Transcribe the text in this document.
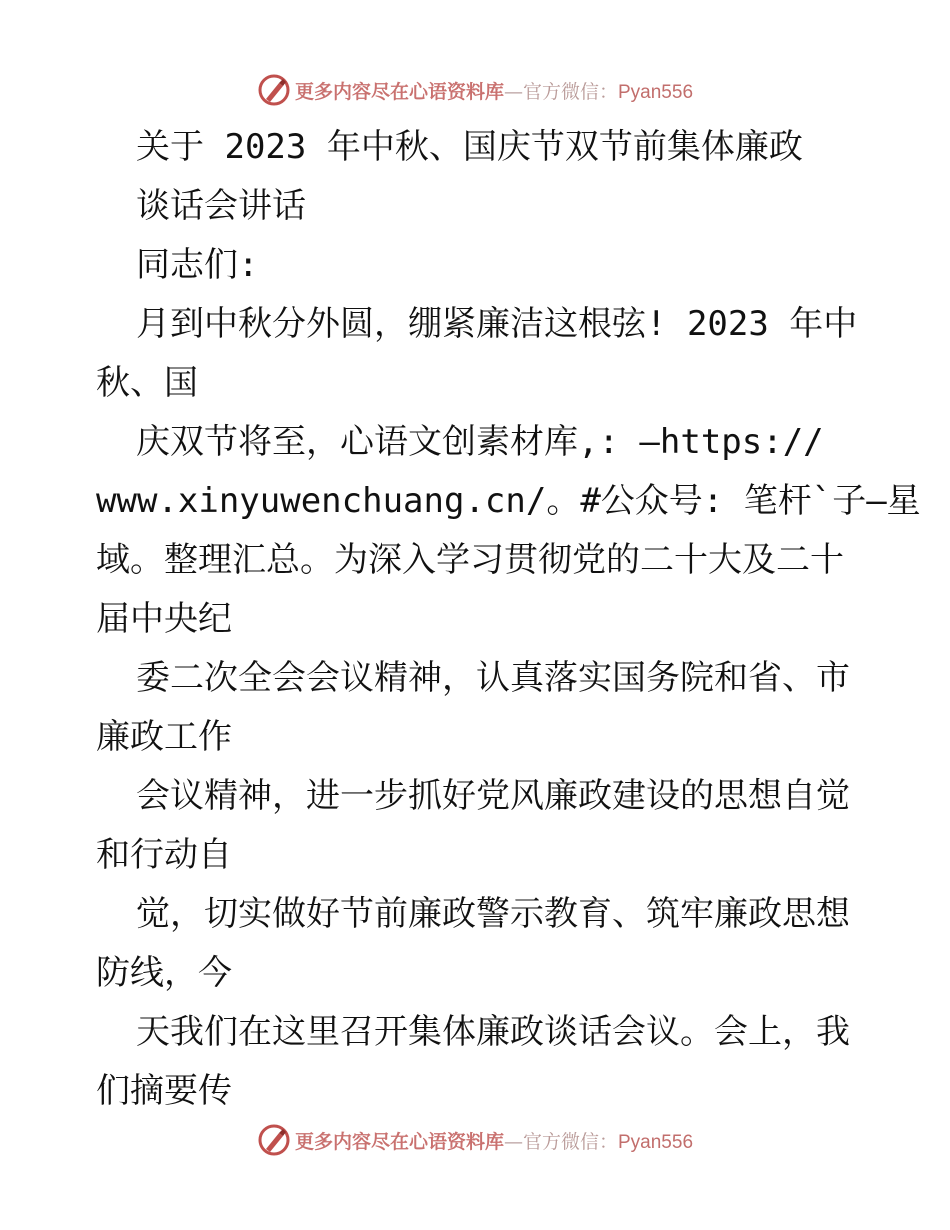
更多内容尽在心语资料库—官方微信：Pyan556
关于 2023 年中秋、国庆节双节前集体廉政
谈话会讲话
同志们:
月到中秋分外圆，绷紧廉洁这根弦! 2023 年中
秋、国
庆双节将至，心语文创素材库,: —https://
www.xinyuwenchuang.cn/。#公众号: 笔杆`子—星
域。整理汇总。为深入学习贯彻党的二十大及二十
届中央纪
委二次全会会议精神，认真落实国务院和省、市
廉政工作
会议精神，进一步抓好党风廉政建设的思想自觉
和行动自
觉，切实做好节前廉政警示教育、筑牢廉政思想
防线，今
天我们在这里召开集体廉政谈话会议。会上，我
们摘要传
更多内容尽在心语资料库—官方微信：Pyan556
